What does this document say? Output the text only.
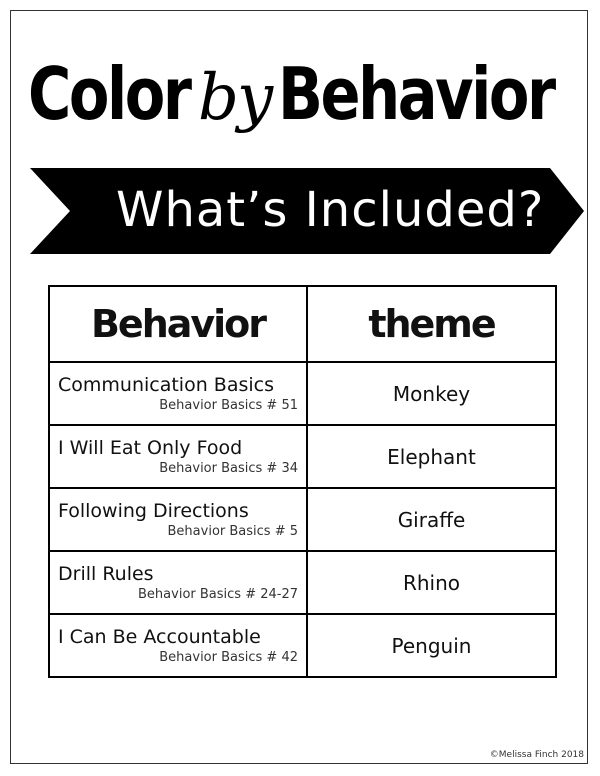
Color by Behavior
What’s Included?
Behavior	theme

Communication Basics
Behavior Basics # 51	Monkey

I Will Eat Only Food
Behavior Basics # 34	Elephant

Following Directions
Behavior Basics # 5	Giraffe

Drill Rules
Behavior Basics # 24-27	Rhino

I Can Be Accountable
Behavior Basics # 42	Penguin
©Melissa Finch 2018
